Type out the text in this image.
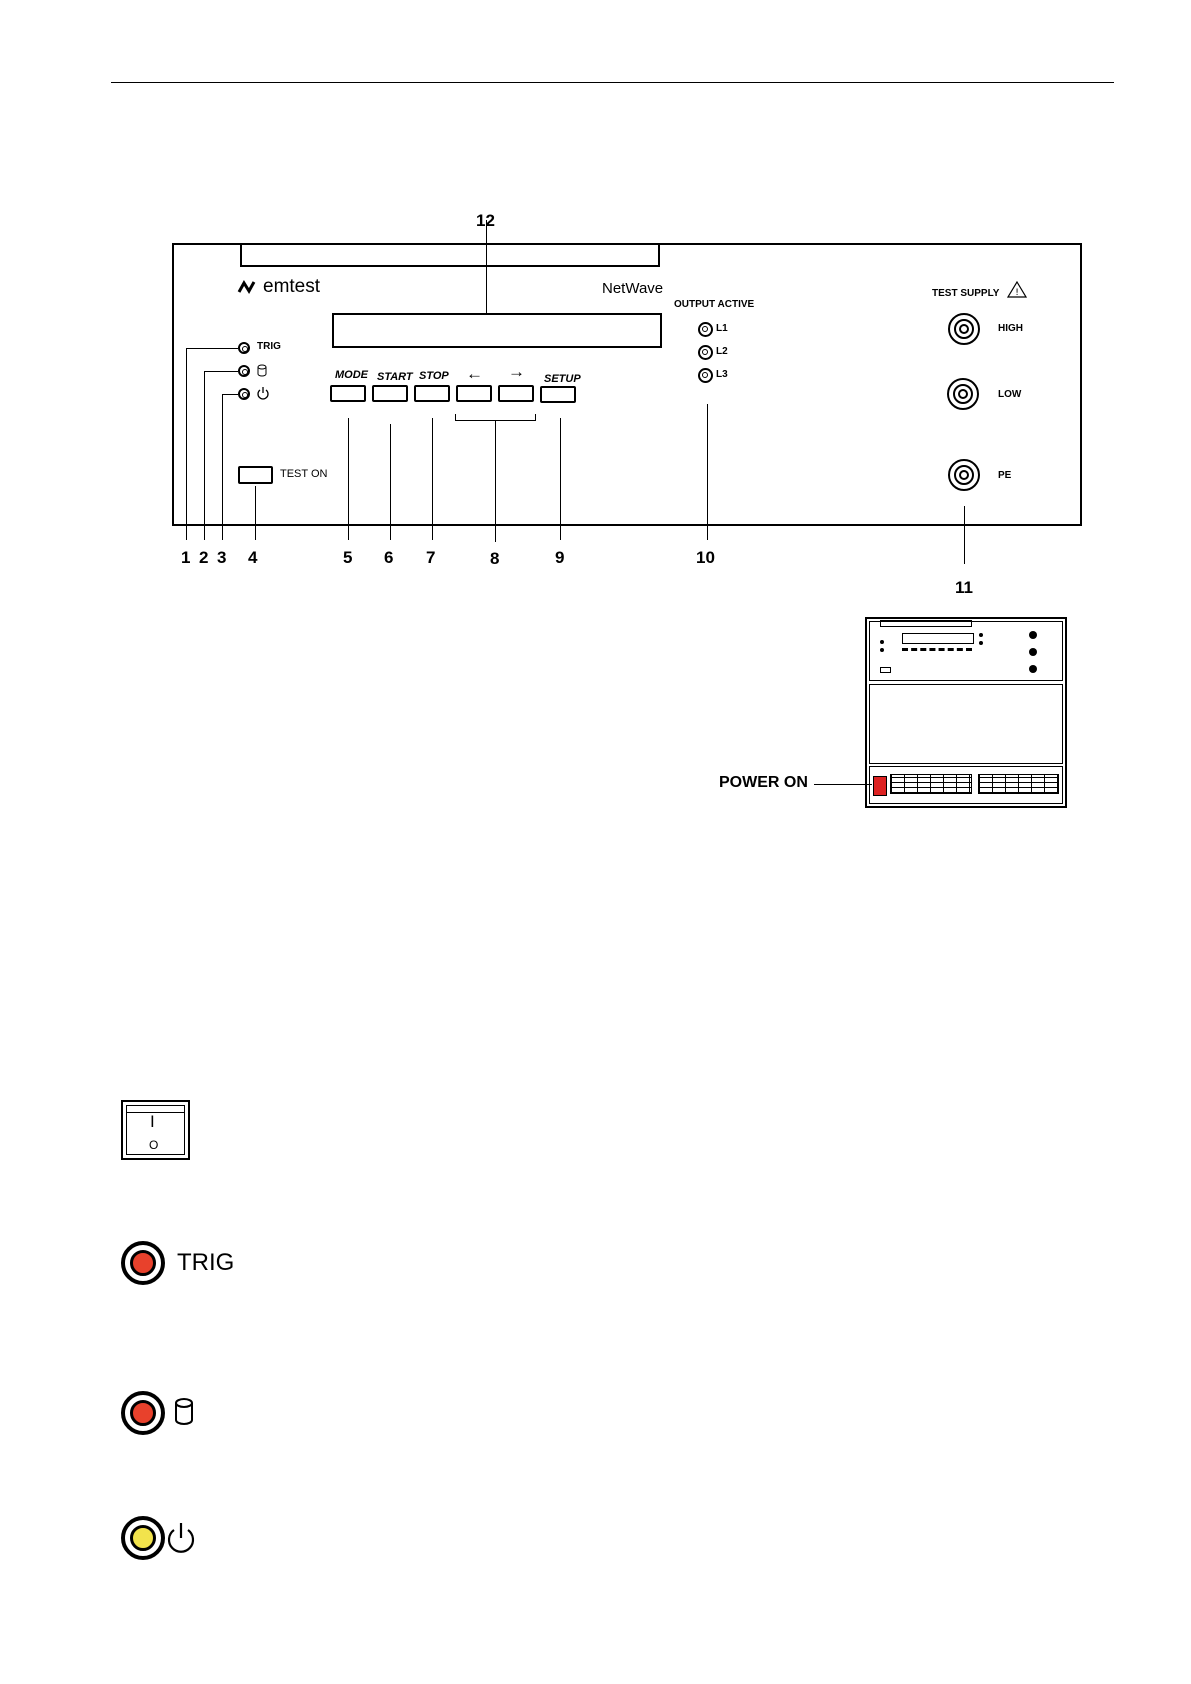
emtest	NetWave
TRIG
TEST ON
MODE START STOP ← → SETUP
OUTPUT ACTIVE
L1
L2
L3
TEST SUPPLY !
HIGH
LOW
PE
1 2 3 4	5 6 7	8	9	10
11
12
POWER ON
I
O
TRIG
